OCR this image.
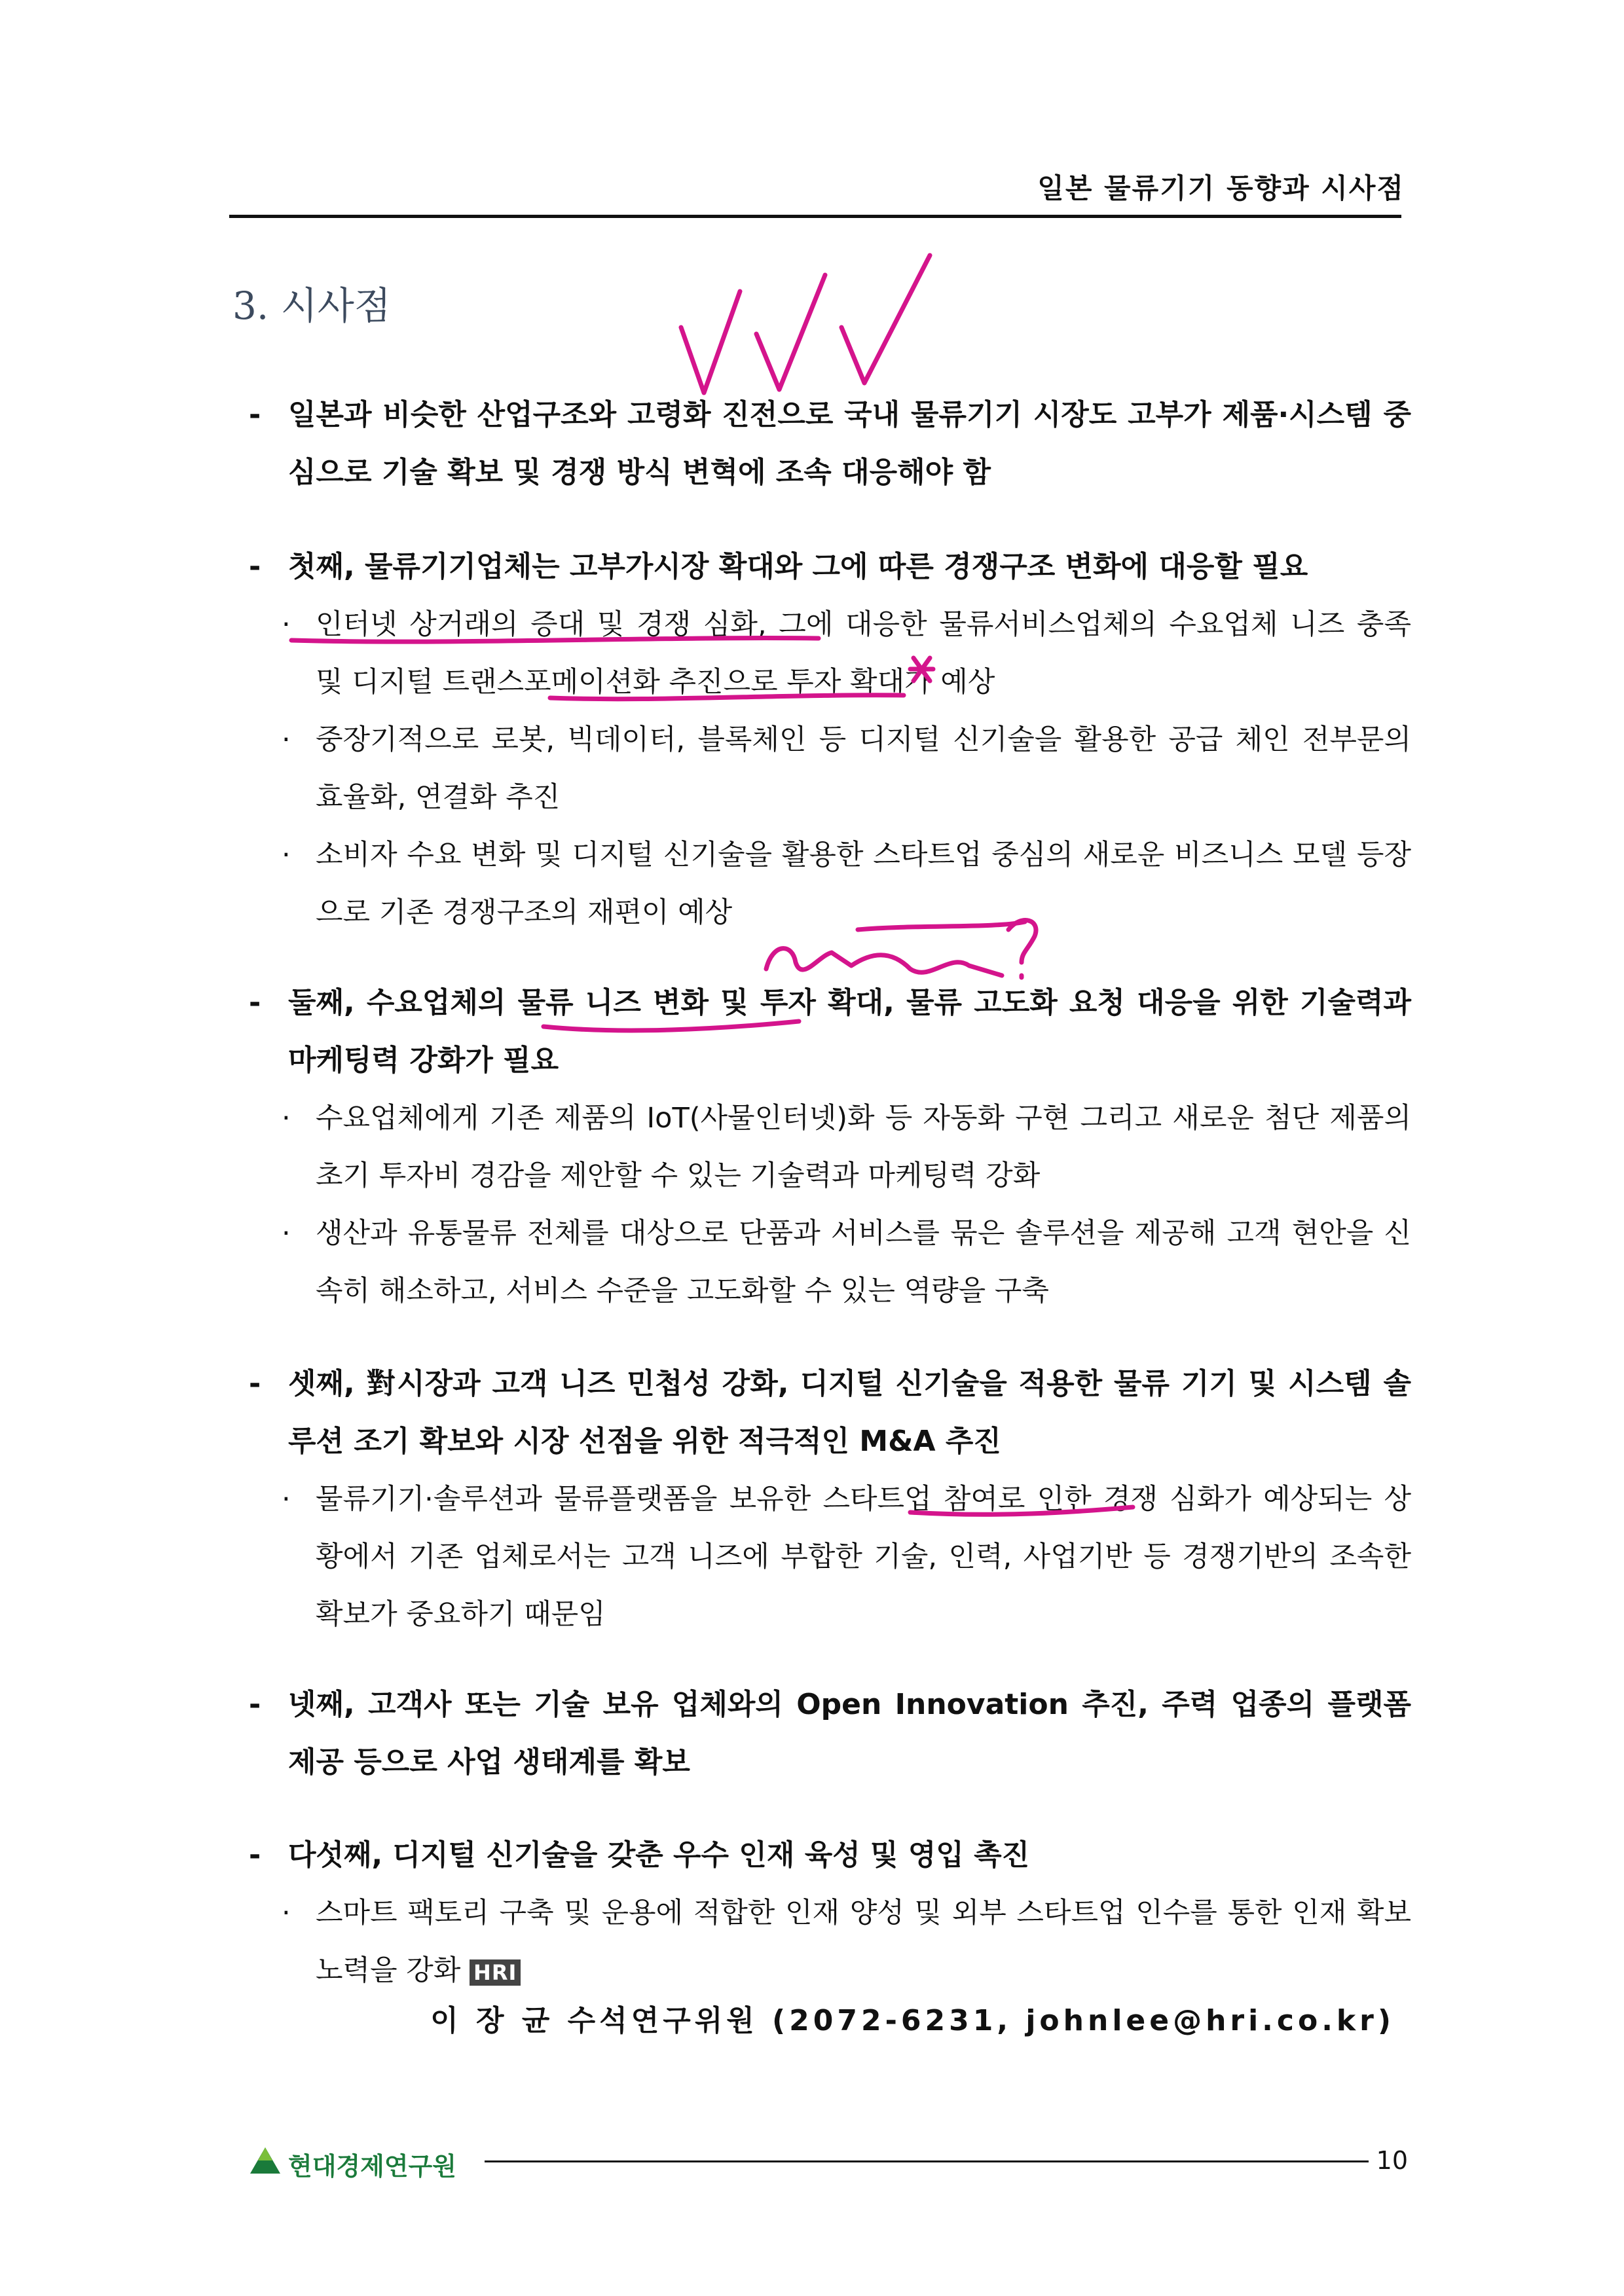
일본 물류기기 동향과 시사점
3. 시사점
- 일본과 비슷한 산업구조와 고령화 진전으로 국내 물류기기 시장도 고부가 제품·시스템 중심으로 기술 확보 및 경쟁 방식 변혁에 조속 대응해야 함
- 첫째, 물류기기업체는 고부가시장 확대와 그에 따른 경쟁구조 변화에 대응할 필요
· 인터넷 상거래의 증대 및 경쟁 심화, 그에 대응한 물류서비스업체의 수요업체 니즈 충족 및 디지털 트랜스포메이션화 추진으로 투자 확대가 예상
· 중장기적으로 로봇, 빅데이터, 블록체인 등 디지털 신기술을 활용한 공급 체인 전부문의 효율화, 연결화 추진
· 소비자 수요 변화 및 디지털 신기술을 활용한 스타트업 중심의 새로운 비즈니스 모델 등장으로 기존 경쟁구조의 재편이 예상
- 둘째, 수요업체의 물류 니즈 변화 및 투자 확대, 물류 고도화 요청 대응을 위한 기술력과 마케팅력 강화가 필요
· 수요업체에게 기존 제품의 IoT(사물인터넷)화 등 자동화 구현 그리고 새로운 첨단 제품의 초기 투자비 경감을 제안할 수 있는 기술력과 마케팅력 강화
· 생산과 유통물류 전체를 대상으로 단품과 서비스를 묶은 솔루션을 제공해 고객 현안을 신속히 해소하고, 서비스 수준을 고도화할 수 있는 역량을 구축
- 셋째, 對시장과 고객 니즈 민첩성 강화, 디지털 신기술을 적용한 물류 기기 및 시스템 솔루션 조기 확보와 시장 선점을 위한 적극적인 M&A 추진
· 물류기기·솔루션과 물류플랫폼을 보유한 스타트업 참여로 인한 경쟁 심화가 예상되는 상황에서 기존 업체로서는 고객 니즈에 부합한 기술, 인력, 사업기반 등 경쟁기반의 조속한 확보가 중요하기 때문임
- 넷째, 고객사 또는 기술 보유 업체와의 Open Innovation 추진, 주력 업종의 플랫폼 제공 등으로 사업 생태계를 확보
- 다섯째, 디지털 신기술을 갖춘 우수 인재 육성 및 영입 촉진
· 스마트 팩토리 구축 및 운용에 적합한 인재 양성 및 외부 스타트업 인수를 통한 인재 확보 노력을 강화 HRI
이 장 균 수석연구위원 (2072-6231, johnlee@hri.co.kr)
현대경제연구원	10
